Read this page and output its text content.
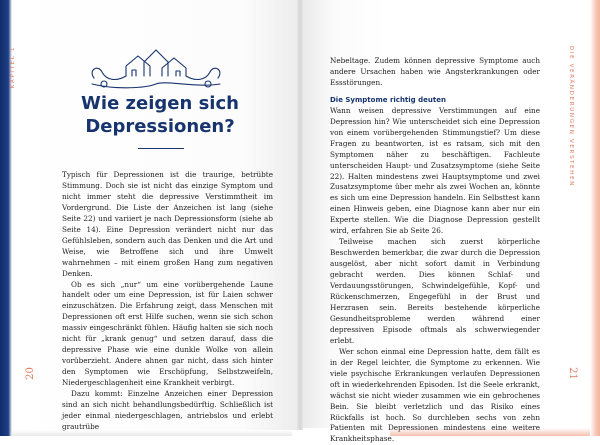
KAPITEL 1	DIE VERÄNDERUNGEN VERSTEHEN
20	21
Wie zeigen sich
Depressionen?

Typisch für Depressionen ist die traurige, betrübte Stimmung. Doch sie ist nicht das einzige Symptom und nicht immer steht die depressive Verstimmtheit im Vordergrund. Die Liste der Anzeichen ist lang (siehe Seite 22) und variiert je nach Depressionsform (siehe ab Seite 14). Eine Depression verändert nicht nur das Gefühlsleben, sondern auch das Denken und die Art und Weise, wie Betroffene sich und ihre Umwelt wahrnehmen – mit einem großen Hang zum negativen Denken.

Ob es sich „nur“ um eine vorübergehende Laune handelt oder um eine Depression, ist für Laien schwer einzuschätzen. Die Erfahrung zeigt, dass Menschen mit Depressionen oft erst Hilfe suchen, wenn sie sich schon massiv eingeschränkt fühlen. Häufig halten sie sich noch nicht für „krank genug“ und setzen darauf, dass die depressive Phase wie eine dunkle Wolke von allein vorüberzieht. Andere ahnen gar nicht, dass sich hinter den Symptomen wie Erschöpfung, Selbstzweifeln, Niedergeschlagenheit eine Krankheit verbirgt.

Dazu kommt: Einzelne Anzeichen einer Depression sind an sich nicht behandlungsbedürftig. Schließlich ist jeder einmal niedergeschlagen, antriebslos und erlebt grautrübe

Nebeltage. Zudem können depressive Symptome auch andere Ursachen haben wie Angsterkrankungen oder Essstörungen.

Die Symptome richtig deuten

Wann weisen depressive Verstimmungen auf eine Depression hin? Wie unterscheidet sich eine Depression von einem vorübergehenden Stimmungstief? Um diese Fragen zu beantworten, ist es ratsam, sich mit den Symptomen näher zu beschäftigen. Fachleute unterscheiden Haupt- und Zusatzsymptome (siehe Seite 22). Halten mindestens zwei Hauptsymptome und zwei Zusatzsymptome über mehr als zwei Wochen an, könnte es sich um eine Depression handeln. Ein Selbsttest kann einen Hinweis geben, eine Diagnose kann aber nur ein Experte stellen. Wie die Diagnose Depression gestellt wird, erfahren Sie ab Seite 26.

Teilweise machen sich zuerst körperliche Beschwerden bemerkbar, die zwar durch die Depression ausgelöst, aber nicht sofort damit in Verbindung gebracht werden. Dies können Schlaf- und Verdauungsstörungen, Schwindelgefühle, Kopf- und Rückenschmerzen, Engegefühl in der Brust und Herzrasen sein. Bereits bestehende körperliche Gesundheitsprobleme werden während einer depressiven Episode oftmals als schwerwiegender erlebt.

Wer schon einmal eine Depression hatte, dem fällt es in der Regel leichter, die Symptome zu erkennen. Wie viele psychische Erkrankungen verlaufen Depressionen oft in wiederkehrenden Episoden. Ist die Seele erkrankt, wächst sie nicht wieder zusammen wie ein gebrochenes Bein. Sie bleibt verletzlich und das Risiko eines Rückfalls ist hoch. So durchleben sechs von zehn Patienten mit Depressionen mindestens eine weitere Krankheitsphase.
